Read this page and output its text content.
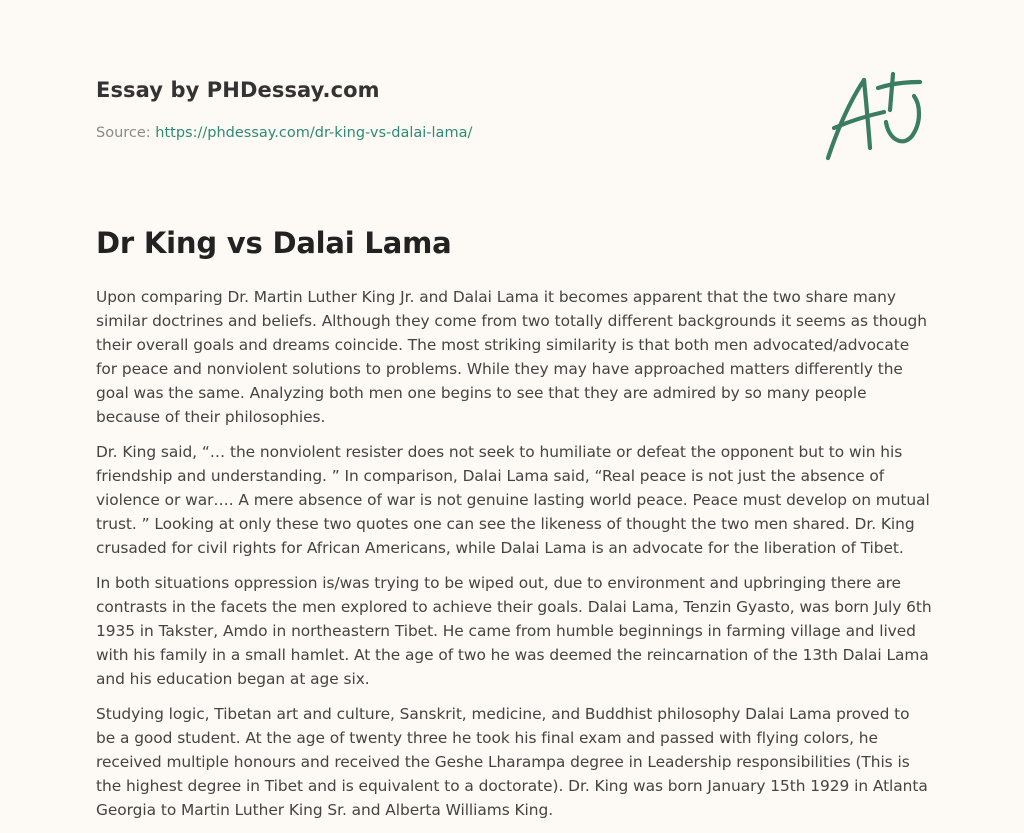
Essay by PHDessay.com
Source: https://phdessay.com/dr-king-vs-dalai-lama/
Dr King vs Dalai Lama

Upon comparing Dr. Martin Luther King Jr. and Dalai Lama it becomes apparent that the two share many similar doctrines and beliefs. Although they come from two totally different backgrounds it seems as though their overall goals and dreams coincide. The most striking similarity is that both men advocated/advocate for peace and nonviolent solutions to problems. While they may have approached matters differently the goal was the same. Analyzing both men one begins to see that they are admired by so many people because of their philosophies.

Dr. King said, “… the nonviolent resister does not seek to humiliate or defeat the opponent but to win his friendship and understanding. ” In comparison, Dalai Lama said, “Real peace is not just the absence of violence or war…. A mere absence of war is not genuine lasting world peace. Peace must develop on mutual trust. ” Looking at only these two quotes one can see the likeness of thought the two men shared. Dr. King crusaded for civil rights for African Americans, while Dalai Lama is an advocate for the liberation of Tibet.

In both situations oppression is/was trying to be wiped out, due to environment and upbringing there are contrasts in the facets the men explored to achieve their goals. Dalai Lama, Tenzin Gyasto, was born July 6th 1935 in Takster, Amdo in northeastern Tibet. He came from humble beginnings in farming village and lived with his family in a small hamlet. At the age of two he was deemed the reincarnation of the 13th Dalai Lama and his education began at age six.

Studying logic, Tibetan art and culture, Sanskrit, medicine, and Buddhist philosophy Dalai Lama proved to be a good student. At the age of twenty three he took his final exam and passed with flying colors, he received multiple honours and received the Geshe Lharampa degree in Leadership responsibilities (This is the highest degree in Tibet and is equivalent to a doctorate). Dr. King was born January 15th 1929 in Atlanta Georgia to Martin Luther King Sr. and Alberta Williams King.
